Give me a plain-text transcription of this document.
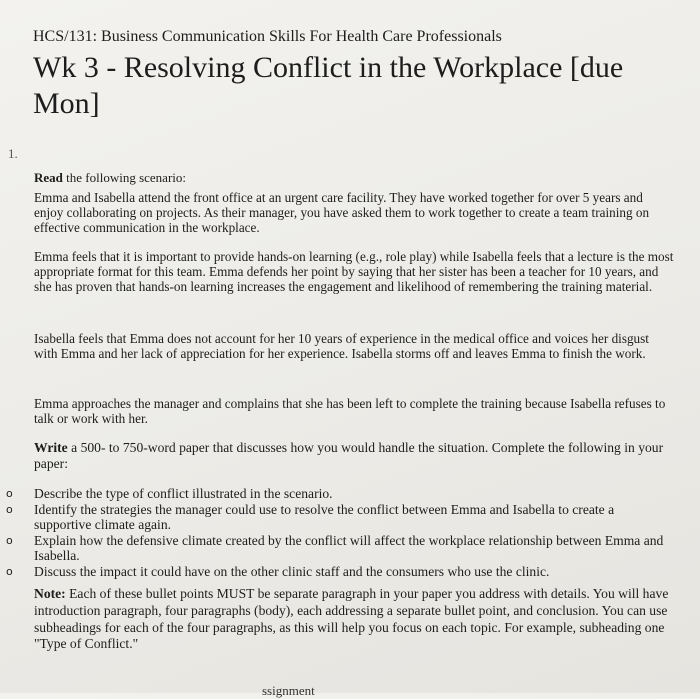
HCS/131: Business Communication Skills For Health Care Professionals
Wk 3 - Resolving Conflict in the Workplace [due Mon]
1.
Read the following scenario:
Emma and Isabella attend the front office at an urgent care facility. They have worked together for over 5 years and enjoy collaborating on projects. As their manager, you have asked them to work together to create a team training on effective communication in the workplace.
Emma feels that it is important to provide hands-on learning (e.g., role play) while Isabella feels that a lecture is the most appropriate format for this team. Emma defends her point by saying that her sister has been a teacher for 10 years, and she has proven that hands-on learning increases the engagement and likelihood of remembering the training material.
Isabella feels that Emma does not account for her 10 years of experience in the medical office and voices her disgust with Emma and her lack of appreciation for her experience. Isabella storms off and leaves Emma to finish the work.
Emma approaches the manager and complains that she has been left to complete the training because Isabella refuses to talk or work with her.
Write a 500- to 750-word paper that discusses how you would handle the situation. Complete the following in your paper:

o Describe the type of conflict illustrated in the scenario.

o Identify the strategies the manager could use to resolve the conflict between Emma and Isabella to create a supportive climate again.

o Explain how the defensive climate created by the conflict will affect the workplace relationship between Emma and Isabella.

o Discuss the impact it could have on the other clinic staff and the consumers who use the clinic.

Note: Each of these bullet points MUST be separate paragraph in your paper you address with details. You will have introduction paragraph, four paragraphs (body), each addressing a separate bullet point, and conclusion. You can use subheadings for each of the four paragraphs, as this will help you focus on each topic. For example, subheading one "Type of Conflict."
ssignment
